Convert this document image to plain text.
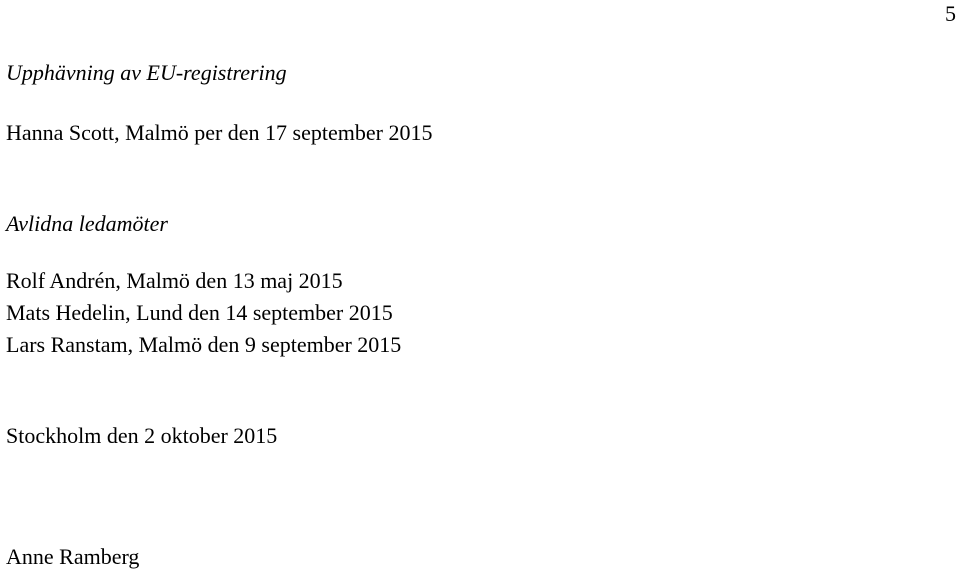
5
Upphävning av EU-registrering
Hanna Scott, Malmö per den 17 september 2015
Avlidna ledamöter
Rolf Andrén, Malmö den 13 maj 2015
Mats Hedelin, Lund den 14 september 2015
Lars Ranstam, Malmö den 9 september 2015
Stockholm den 2 oktober 2015
Anne Ramberg
